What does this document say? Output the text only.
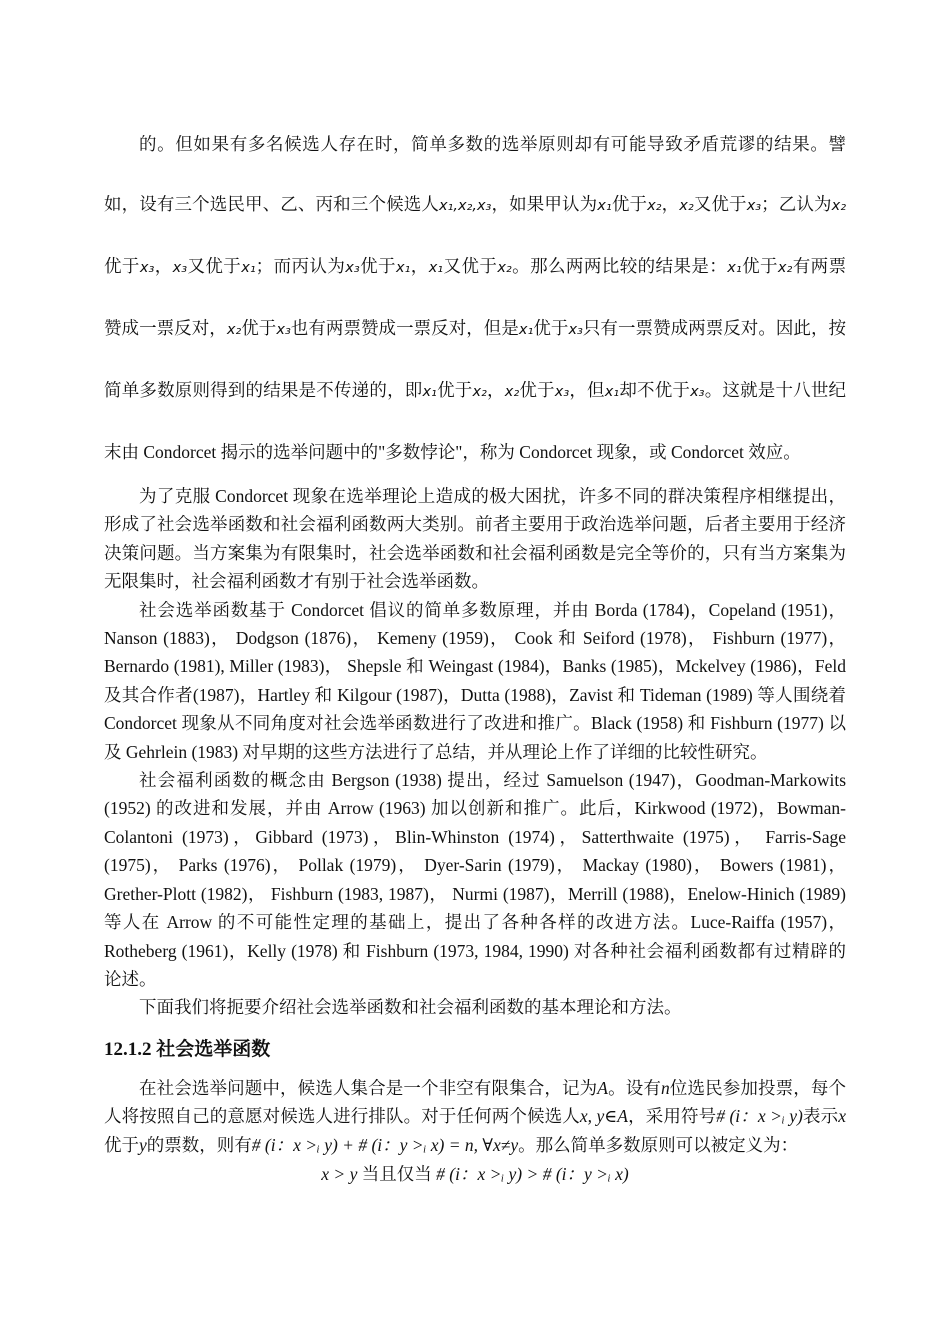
的。但如果有多名候选人存在时，简单多数的选举原则却有可能导致矛盾荒谬的结果。譬如，设有三个选民甲、乙、丙和三个候选人x₁,x₂,x₃，如果甲认为x₁优于x₂，x₂又优于x₃；乙认为x₂优于x₃，x₃又优于x₁；而丙认为x₃优于x₁，x₁又优于x₂。那么两两比较的结果是：x₁优于x₂有两票赞成一票反对，x₂优于x₃也有两票赞成一票反对，但是x₁优于x₃只有一票赞成两票反对。因此，按简单多数原则得到的结果是不传递的，即x₁优于x₂，x₂优于x₃，但x₁却不优于x₃。这就是十八世纪末由 Condorcet 揭示的选举问题中的"多数悖论"，称为 Condorcet 现象，或 Condorcet 效应。

为了克服 Condorcet 现象在选举理论上造成的极大困扰，许多不同的群决策程序相继提出，形成了社会选举函数和社会福利函数两大类别。前者主要用于政治选举问题，后者主要用于经济决策问题。当方案集为有限集时，社会选举函数和社会福利函数是完全等价的，只有当方案集为无限集时，社会福利函数才有别于社会选举函数。

社会选举函数基于 Condorcet 倡议的简单多数原理，并由 Borda (1784)，Copeland (1951)， Nanson (1883)， Dodgson (1876)， Kemeny (1959)， Cook 和 Seiford (1978)， Fishburn (1977)， Bernardo (1981), Miller (1983)， Shepsle 和 Weingast (1984)，Banks (1985)，Mckelvey (1986)，Feld 及其合作者(1987)，Hartley 和 Kilgour (1987)，Dutta (1988)，Zavist 和 Tideman (1989) 等人围绕着 Condorcet 现象从不同角度对社会选举函数进行了改进和推广。Black (1958) 和 Fishburn (1977) 以及 Gehrlein (1983) 对早期的这些方法进行了总结，并从理论上作了详细的比较性研究。

社会福利函数的概念由 Bergson (1938) 提出，经过 Samuelson (1947)，Goodman-Markowits (1952) 的改进和发展，并由 Arrow (1963) 加以创新和推广。此后，Kirkwood (1972)，Bowman-Colantoni (1973)，Gibbard (1973)，Blin-Whinston (1974)，Satterthwaite (1975)， Farris-Sage (1975)， Parks (1976)， Pollak (1979)， Dyer-Sarin (1979)， Mackay (1980)， Bowers (1981)， Grether-Plott (1982)， Fishburn (1983, 1987)， Nurmi (1987)，Merrill (1988)，Enelow-Hinich (1989) 等人在 Arrow 的不可能性定理的基础上，提出了各种各样的改进方法。Luce-Raiffa (1957)，Rotheberg (1961)，Kelly (1978) 和 Fishburn (1973, 1984, 1990) 对各种社会福利函数都有过精辟的论述。

下面我们将扼要介绍社会选举函数和社会福利函数的基本理论和方法。

12.1.2 社会选举函数

在社会选举问题中，候选人集合是一个非空有限集合，记为A。设有n位选民参加投票，每个人将按照自己的意愿对候选人进行排队。对于任何两个候选人x, y∈A，采用符号# (i：x >ᵢ y)表示x优于y的票数，则有# (i：x >ᵢ y) + # (i：y >ᵢ x) = n, ∀x≠y。那么简单多数原则可以被定义为：

x > y 当且仅当 # (i：x >ᵢ y) > # (i：y >ᵢ x)
